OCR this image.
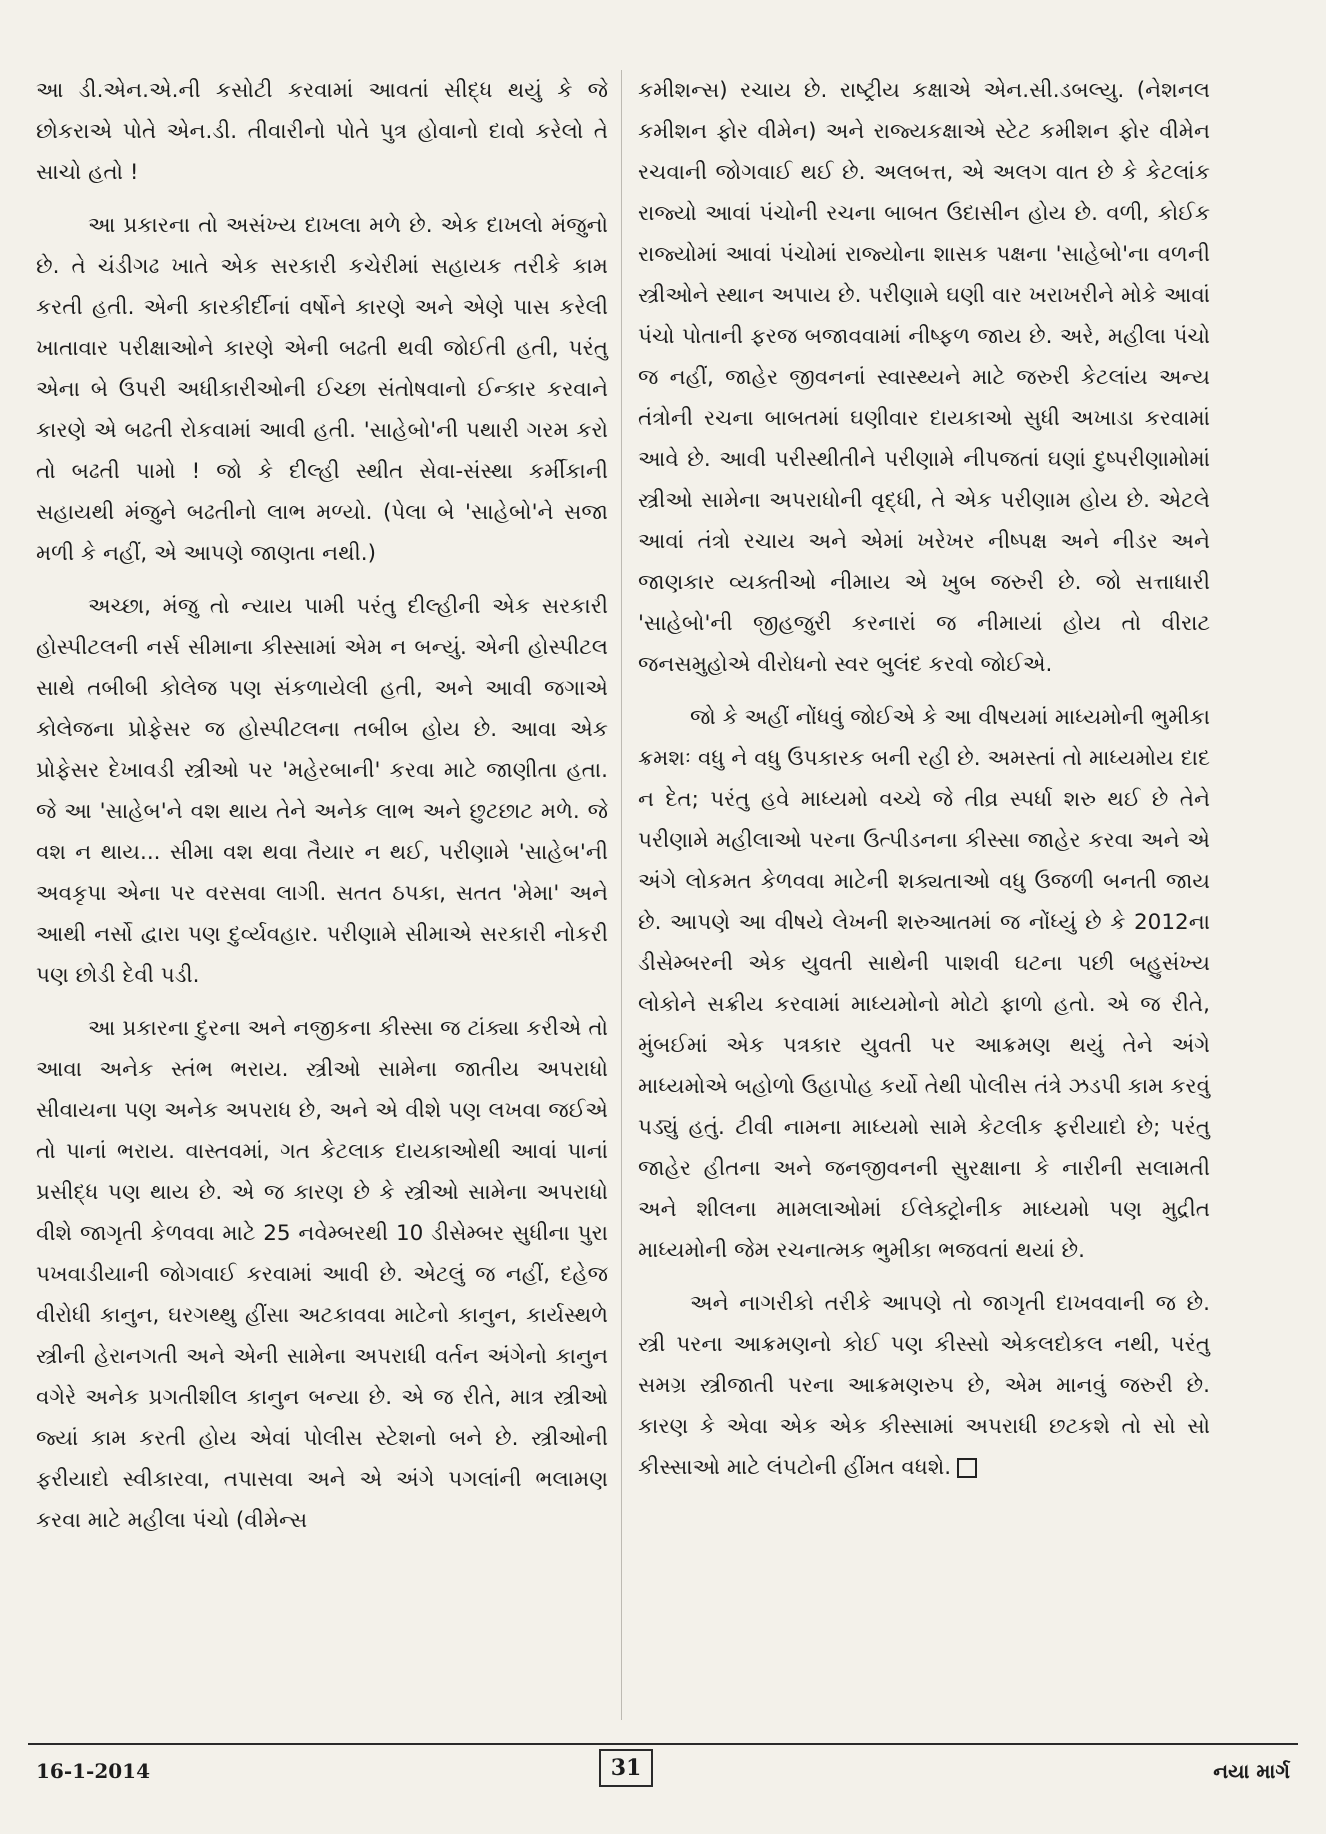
આ ડી.એન.એ.ની કસોટી કરવામાં આવતાં સીદ્ધ થયું કે જે છોકરાએ પોતે એન.ડી. તીવારીનો પોતે પુત્ર હોવાનો દાવો કરેલો તે સાચો હતો !

આ પ્રકારના તો અસંખ્ય દાખલા મળે છે. એક દાખલો મંજુનો છે. તે ચંડીગઢ ખાતે એક સરકારી કચેરીમાં સહાયક તરીકે કામ કરતી હતી. એની કારકીર્દીનાં વર્ષોને કારણે અને એણે પાસ કરેલી ખાતાવાર પરીક્ષાઓને કારણે એની બઢતી થવી જોઈતી હતી, પરંતુ એના બે ઉપરી અધીકારીઓની ઈચ્છા સંતોષવાનો ઈન્કાર કરવાને કારણે એ બઢતી રોકવામાં આવી હતી. 'સાહેબો'ની પથારી ગરમ કરો તો બઢતી પામો ! જો કે દીલ્હી સ્થીત સેવા-સંસ્થા કર્મીકાની સહાયથી મંજુને બઢતીનો લાભ મળ્યો. (પેલા બે 'સાહેબો'ને સજા મળી કે નહીં, એ આપણે જાણતા નથી.)

અચ્છા, મંજુ તો ન્યાય પામી પરંતુ દીલ્હીની એક સરકારી હોસ્પીટલની નર્સ સીમાના કીસ્સામાં એમ ન બન્યું. એની હોસ્પીટલ સાથે તબીબી કોલેજ પણ સંકળાયેલી હતી, અને આવી જગાએ કોલેજના પ્રોફેસર જ હોસ્પીટલના તબીબ હોય છે. આવા એક પ્રોફેસર દેખાવડી સ્ત્રીઓ પર 'મહેરબાની' કરવા માટે જાણીતા હતા. જે આ 'સાહેબ'ને વશ થાય તેને અનેક લાભ અને છુટછાટ મળે. જે વશ ન થાય... સીમા વશ થવા તૈયાર ન થઈ, પરીણામે 'સાહેબ'ની અવકૃપા એના પર વરસવા લાગી. સતત ઠપકા, સતત 'મેમા' અને આથી નર્સો દ્વારા પણ દુર્વ્યવહાર. પરીણામે સીમાએ સરકારી નોકરી પણ છોડી દેવી પડી.

આ પ્રકારના દુરના અને નજીકના કીસ્સા જ ટાંક્યા કરીએ તો આવા અનેક સ્તંભ ભરાય. સ્ત્રીઓ સામેના જાતીય અપરાધો સીવાયના પણ અનેક અપરાધ છે, અને એ વીશે પણ લખવા જઈએ તો પાનાં ભરાય. વાસ્તવમાં, ગત કેટલાક દાયકાઓથી આવાં પાનાં પ્રસીદ્ધ પણ થાય છે. એ જ કારણ છે કે સ્ત્રીઓ સામેના અપરાધો વીશે જાગૃતી કેળવવા માટે 25 નવેમ્બરથી 10 ડીસેમ્બર સુધીના પુરા પખવાડીયાની જોગવાઈ કરવામાં આવી છે. એટલું જ નહીં, દહેજ વીરોધી કાનુન, ઘરગથ્થુ હીંસા અટકાવવા માટેનો કાનુન, કાર્યસ્થળે સ્ત્રીની હેરાનગતી અને એની સામેના અપરાધી વર્તન અંગેનો કાનુન વગેરે અનેક પ્રગતીશીલ કાનુન બન્યા છે. એ જ રીતે, માત્ર સ્ત્રીઓ જ્યાં કામ કરતી હોય એવાં પોલીસ સ્ટેશનો બને છે. સ્ત્રીઓની ફરીયાદો સ્વીકારવા, તપાસવા અને એ અંગે પગલાંની ભલામણ કરવા માટે મહીલા પંચો (વીમેન્સ

કમીશન્સ) રચાય છે. રાષ્ટ્રીય કક્ષાએ એન.સી.ડબલ્યુ. (નેશનલ કમીશન ફોર વીમેન) અને રાજ્યકક્ષાએ સ્ટેટ કમીશન ફોર વીમેન રચવાની જોગવાઈ થઈ છે. અલબત્ત, એ અલગ વાત છે કે કેટલાંક રાજ્યો આવાં પંચોની રચના બાબત ઉદાસીન હોય છે. વળી, કોઈક રાજ્યોમાં આવાં પંચોમાં રાજ્યોના શાસક પક્ષના 'સાહેબો'ના વળની સ્ત્રીઓને સ્થાન અપાય છે. પરીણામે ઘણી વાર ખરાખરીને મોકે આવાં પંચો પોતાની ફરજ બજાવવામાં નીષ્ફળ જાય છે. અરે, મહીલા પંચો જ નહીં, જાહેર જીવનનાં સ્વાસ્થ્યને માટે જરુરી કેટલાંય અન્ય તંત્રોની રચના બાબતમાં ઘણીવાર દાયકાઓ સુધી અખાડા કરવામાં આવે છે. આવી પરીસ્થીતીને પરીણામે નીપજતાં ઘણાં દુષ્પરીણામોમાં સ્ત્રીઓ સામેના અપરાધોની વૃદ્ધી, તે એક પરીણામ હોય છે. એટલે આવાં તંત્રો રચાય અને એમાં ખરેખર નીષ્પક્ષ અને નીડર અને જાણકાર વ્યક્તીઓ નીમાય એ ખુબ જરુરી છે. જો સત્તાધારી 'સાહેબો'ની જીહજુરી કરનારાં જ નીમાયાં હોય તો વીરાટ જનસમુહોએ વીરોધનો સ્વર બુલંદ કરવો જોઈએ.

જો કે અહીં નોંધવું જોઈએ કે આ વીષયમાં માધ્યમોની ભુમીકા ક્રમશઃ વધુ ને વધુ ઉપકારક બની રહી છે. અમસ્તાં તો માધ્યમોય દાદ ન દેત; પરંતુ હવે માધ્યમો વચ્ચે જે તીવ્ર સ્પર્ધા શરુ થઈ છે તેને પરીણામે મહીલાઓ પરના ઉત્પીડનના કીસ્સા જાહેર કરવા અને એ અંગે લોકમત કેળવવા માટેની શક્યતાઓ વધુ ઉજળી બનતી જાય છે. આપણે આ વીષયે લેખની શરુઆતમાં જ નોંધ્યું છે કે 2012ના ડીસેમ્બરની એક યુવતી સાથેની પાશવી ઘટના પછી બહુસંખ્ય લોકોને સક્રીય કરવામાં માધ્યમોનો મોટો ફાળો હતો. એ જ રીતે, મુંબઈમાં એક પત્રકાર યુવતી પર આક્રમણ થયું તેને અંગે માધ્યમોએ બહોળો ઉહાપોહ કર્યો તેથી પોલીસ તંત્રે ઝડપી કામ કરવું પડ્યું હતું. ટીવી નામના માધ્યમો સામે કેટલીક ફરીયાદો છે; પરંતુ જાહેર હીતના અને જનજીવનની સુરક્ષાના કે નારીની સલામતી અને શીલના મામલાઓમાં ઈલેક્ટ્રોનીક માધ્યમો પણ મુદ્રીત માધ્યમોની જેમ રચનાત્મક ભુમીકા ભજવતાં થયાં છે.

અને નાગરીકો તરીકે આપણે તો જાગૃતી દાખવવાની જ છે. સ્ત્રી પરના આક્રમણનો કોઈ પણ કીસ્સો એકલદોકલ નથી, પરંતુ સમગ્ર સ્ત્રીજાતી પરના આક્રમણરુપ છે, એમ માનવું જરુરી છે. કારણ કે એવા એક એક કીસ્સામાં અપરાધી છટકશે તો સો સો કીસ્સાઓ માટે લંપટોની હીંમત વધશે.

16-1-2014	31	નયા માર્ગ
